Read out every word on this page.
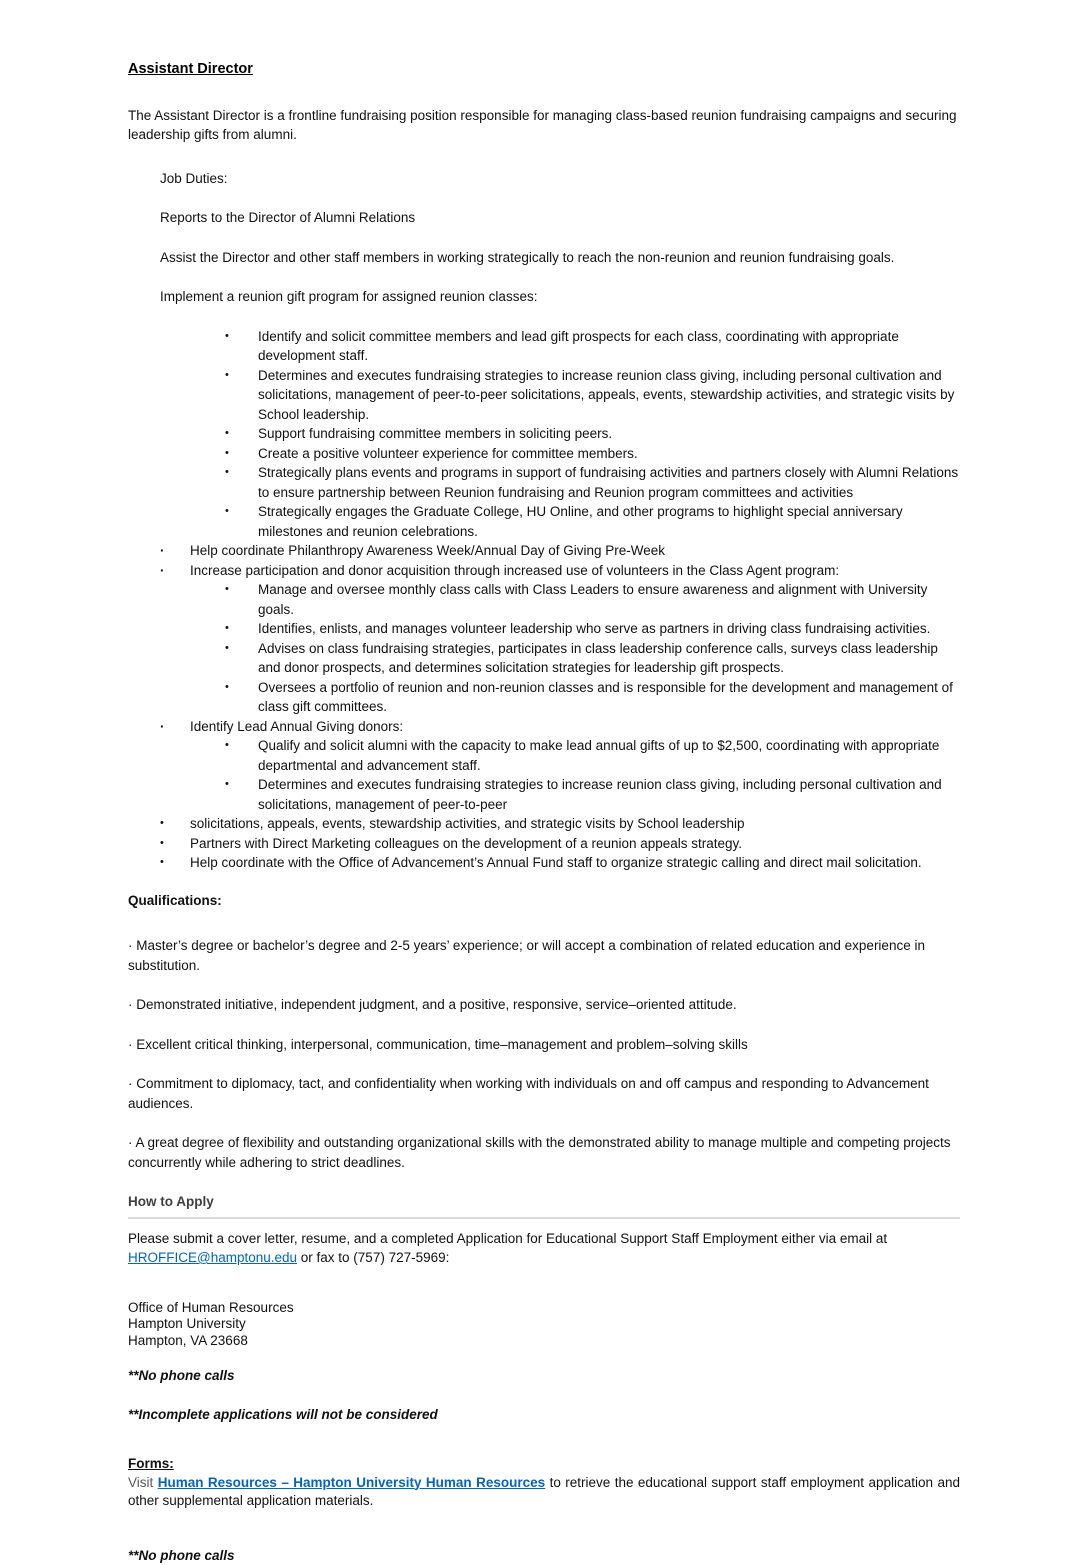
Assistant Director

The Assistant Director is a frontline fundraising position responsible for managing class-based reunion fundraising campaigns and securing leadership gifts from alumni.

Job Duties:

Reports to the Director of Alumni Relations

Assist the Director and other staff members in working strategically to reach the non-reunion and reunion fundraising goals.

Implement a reunion gift program for assigned reunion classes:

•	Identify and solicit committee members and lead gift prospects for each class, coordinating with appropriate development staff.
•	Determines and executes fundraising strategies to increase reunion class giving, including personal cultivation and solicitations, management of peer-to-peer solicitations, appeals, events, stewardship activities, and strategic visits by School leadership.
•	Support fundraising committee members in soliciting peers.
•	Create a positive volunteer experience for committee members.
•	Strategically plans events and programs in support of fundraising activities and partners closely with Alumni Relations to ensure partnership between Reunion fundraising and Reunion program committees and activities
•	Strategically engages the Graduate College, HU Online, and other programs to highlight special anniversary milestones and reunion celebrations.
·	Help coordinate Philanthropy Awareness Week/Annual Day of Giving Pre-Week
·	Increase participation and donor acquisition through increased use of volunteers in the Class Agent program:
•	Manage and oversee monthly class calls with Class Leaders to ensure awareness and alignment with University goals.
•	Identifies, enlists, and manages volunteer leadership who serve as partners in driving class fundraising activities.
•	Advises on class fundraising strategies, participates in class leadership conference calls, surveys class leadership and donor prospects, and determines solicitation strategies for leadership gift prospects.
•	Oversees a portfolio of reunion and non-reunion classes and is responsible for the development and management of class gift committees.
·	Identify Lead Annual Giving donors:
•	Qualify and solicit alumni with the capacity to make lead annual gifts of up to $2,500, coordinating with appropriate departmental and advancement staff.
•	Determines and executes fundraising strategies to increase reunion class giving, including personal cultivation and solicitations, management of peer-to-peer
•	solicitations, appeals, events, stewardship activities, and strategic visits by School leadership
•	Partners with Direct Marketing colleagues on the development of a reunion appeals strategy.
•	Help coordinate with the Office of Advancement’s Annual Fund staff to organize strategic calling and direct mail solicitation.

Qualifications:

· Master’s degree or bachelor’s degree and 2-5 years’ experience; or will accept a combination of related education and experience in substitution.

· Demonstrated initiative, independent judgment, and a positive, responsive, service–oriented attitude.

· Excellent critical thinking, interpersonal, communication, time–management and problem–solving skills

· Commitment to diplomacy, tact, and confidentiality when working with individuals on and off campus and responding to Advancement audiences.

· A great degree of flexibility and outstanding organizational skills with the demonstrated ability to manage multiple and competing projects concurrently while adhering to strict deadlines.

How to Apply

Please submit a cover letter, resume, and a completed Application for Educational Support Staff Employment either via email at HROFFICE@hamptonu.edu or fax to (757) 727-5969:

Office of Human Resources
Hampton University
Hampton, VA 23668

**No phone calls

**Incomplete applications will not be considered

Forms:

Visit Human Resources – Hampton University Human Resources to retrieve the educational support staff employment application and other supplemental application materials.

**No phone calls
